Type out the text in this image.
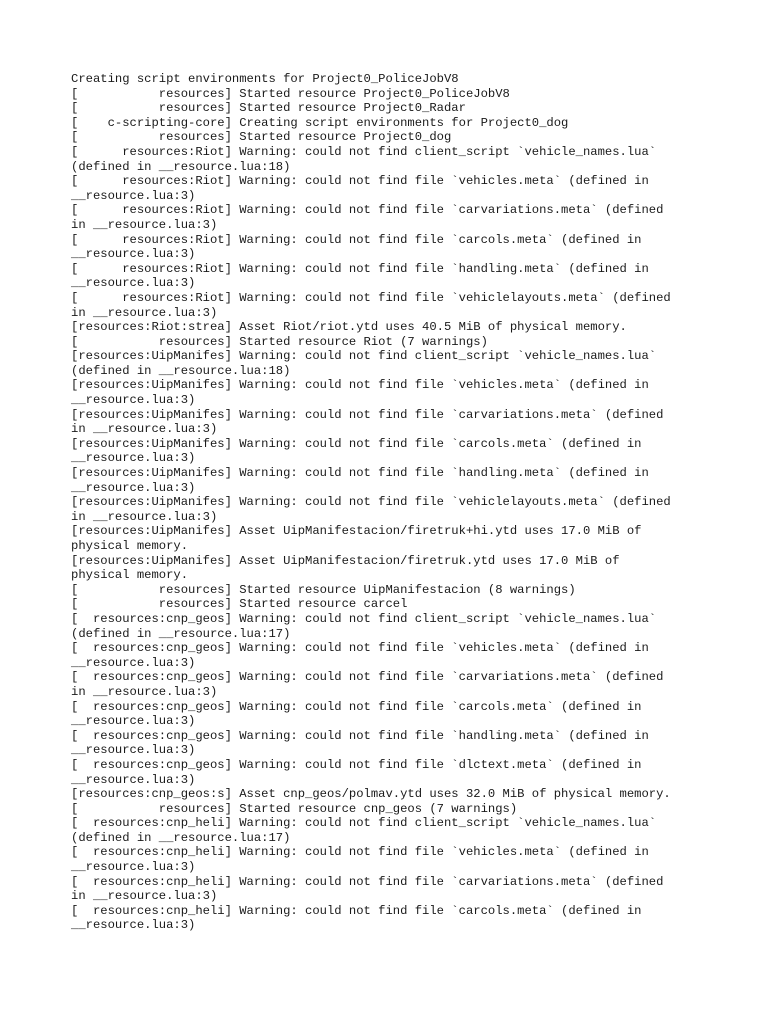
Creating script environments for Project0_PoliceJobV8
[           resources] Started resource Project0_PoliceJobV8
[           resources] Started resource Project0_Radar
[    c-scripting-core] Creating script environments for Project0_dog
[           resources] Started resource Project0_dog
[      resources:Riot] Warning: could not find client_script `vehicle_names.lua`
(defined in __resource.lua:18)
[      resources:Riot] Warning: could not find file `vehicles.meta` (defined in
__resource.lua:3)
[      resources:Riot] Warning: could not find file `carvariations.meta` (defined
in __resource.lua:3)
[      resources:Riot] Warning: could not find file `carcols.meta` (defined in
__resource.lua:3)
[      resources:Riot] Warning: could not find file `handling.meta` (defined in
__resource.lua:3)
[      resources:Riot] Warning: could not find file `vehiclelayouts.meta` (defined
in __resource.lua:3)
[resources:Riot:strea] Asset Riot/riot.ytd uses 40.5 MiB of physical memory.
[           resources] Started resource Riot (7 warnings)
[resources:UipManifes] Warning: could not find client_script `vehicle_names.lua`
(defined in __resource.lua:18)
[resources:UipManifes] Warning: could not find file `vehicles.meta` (defined in
__resource.lua:3)
[resources:UipManifes] Warning: could not find file `carvariations.meta` (defined
in __resource.lua:3)
[resources:UipManifes] Warning: could not find file `carcols.meta` (defined in
__resource.lua:3)
[resources:UipManifes] Warning: could not find file `handling.meta` (defined in
__resource.lua:3)
[resources:UipManifes] Warning: could not find file `vehiclelayouts.meta` (defined
in __resource.lua:3)
[resources:UipManifes] Asset UipManifestacion/firetruk+hi.ytd uses 17.0 MiB of
physical memory.
[resources:UipManifes] Asset UipManifestacion/firetruk.ytd uses 17.0 MiB of
physical memory.
[           resources] Started resource UipManifestacion (8 warnings)
[           resources] Started resource carcel
[  resources:cnp_geos] Warning: could not find client_script `vehicle_names.lua`
(defined in __resource.lua:17)
[  resources:cnp_geos] Warning: could not find file `vehicles.meta` (defined in
__resource.lua:3)
[  resources:cnp_geos] Warning: could not find file `carvariations.meta` (defined
in __resource.lua:3)
[  resources:cnp_geos] Warning: could not find file `carcols.meta` (defined in
__resource.lua:3)
[  resources:cnp_geos] Warning: could not find file `handling.meta` (defined in
__resource.lua:3)
[  resources:cnp_geos] Warning: could not find file `dlctext.meta` (defined in
__resource.lua:3)
[resources:cnp_geos:s] Asset cnp_geos/polmav.ytd uses 32.0 MiB of physical memory.
[           resources] Started resource cnp_geos (7 warnings)
[  resources:cnp_heli] Warning: could not find client_script `vehicle_names.lua`
(defined in __resource.lua:17)
[  resources:cnp_heli] Warning: could not find file `vehicles.meta` (defined in
__resource.lua:3)
[  resources:cnp_heli] Warning: could not find file `carvariations.meta` (defined
in __resource.lua:3)
[  resources:cnp_heli] Warning: could not find file `carcols.meta` (defined in
__resource.lua:3)
